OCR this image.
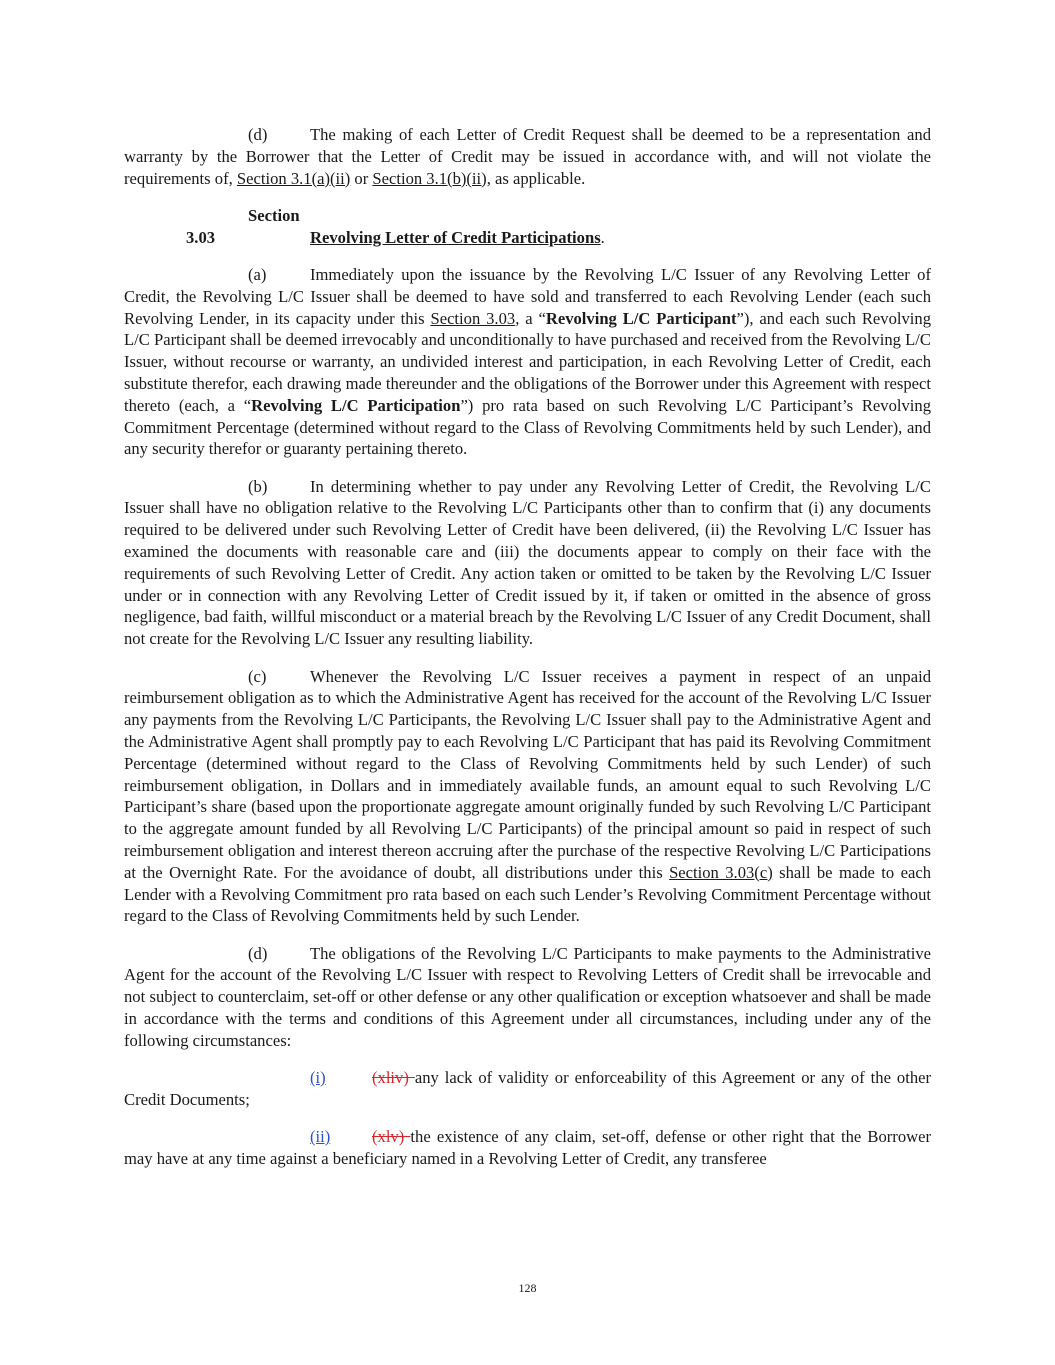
(d)	The making of each Letter of Credit Request shall be deemed to be a representation and warranty by the Borrower that the Letter of Credit may be issued in accordance with, and will not violate the requirements of, Section 3.1(a)(ii) or Section 3.1(b)(ii), as applicable.

Section 3.03	Revolving Letter of Credit Participations.

(a)	Immediately upon the issuance by the Revolving L/C Issuer of any Revolving Letter of Credit, the Revolving L/C Issuer shall be deemed to have sold and transferred to each Revolving Lender (each such Revolving Lender, in its capacity under this Section 3.03, a “Revolving L/C Participant”), and each such Revolving L/C Participant shall be deemed irrevocably and unconditionally to have purchased and received from the Revolving L/C Issuer, without recourse or warranty, an undivided interest and participation, in each Revolving Letter of Credit, each substitute therefor, each drawing made thereunder and the obligations of the Borrower under this Agreement with respect thereto (each, a “Revolving L/C Participation”) pro rata based on such Revolving L/C Participant’s Revolving Commitment Percentage (determined without regard to the Class of Revolving Commitments held by such Lender), and any security therefor or guaranty pertaining thereto.

(b)	In determining whether to pay under any Revolving Letter of Credit, the Revolving L/C Issuer shall have no obligation relative to the Revolving L/C Participants other than to confirm that (i) any documents required to be delivered under such Revolving Letter of Credit have been delivered, (ii) the Revolving L/C Issuer has examined the documents with reasonable care and (iii) the documents appear to comply on their face with the requirements of such Revolving Letter of Credit. Any action taken or omitted to be taken by the Revolving L/C Issuer under or in connection with any Revolving Letter of Credit issued by it, if taken or omitted in the absence of gross negligence, bad faith, willful misconduct or a material breach by the Revolving L/C Issuer of any Credit Document, shall not create for the Revolving L/C Issuer any resulting liability.

(c)	Whenever the Revolving L/C Issuer receives a payment in respect of an unpaid reimbursement obligation as to which the Administrative Agent has received for the account of the Revolving L/C Issuer any payments from the Revolving L/C Participants, the Revolving L/C Issuer shall pay to the Administrative Agent and the Administrative Agent shall promptly pay to each Revolving L/C Participant that has paid its Revolving Commitment Percentage (determined without regard to the Class of Revolving Commitments held by such Lender) of such reimbursement obligation, in Dollars and in immediately available funds, an amount equal to such Revolving L/C Participant’s share (based upon the proportionate aggregate amount originally funded by such Revolving L/C Participant to the aggregate amount funded by all Revolving L/C Participants) of the principal amount so paid in respect of such reimbursement obligation and interest thereon accruing after the purchase of the respective Revolving L/C Participations at the Overnight Rate. For the avoidance of doubt, all distributions under this Section 3.03(c) shall be made to each Lender with a Revolving Commitment pro rata based on each such Lender’s Revolving Commitment Percentage without regard to the Class of Revolving Commitments held by such Lender.

(d)	The obligations of the Revolving L/C Participants to make payments to the Administrative Agent for the account of the Revolving L/C Issuer with respect to Revolving Letters of Credit shall be irrevocable and not subject to counterclaim, set-off or other defense or any other qualification or exception whatsoever and shall be made in accordance with the terms and conditions of this Agreement under all circumstances, including under any of the following circumstances:

(i)	(xliv) any lack of validity or enforceability of this Agreement or any of the other Credit Documents;

(ii)	(xlv) the existence of any claim, set-off, defense or other right that the Borrower may have at any time against a beneficiary named in a Revolving Letter of Credit, any transferee

128
